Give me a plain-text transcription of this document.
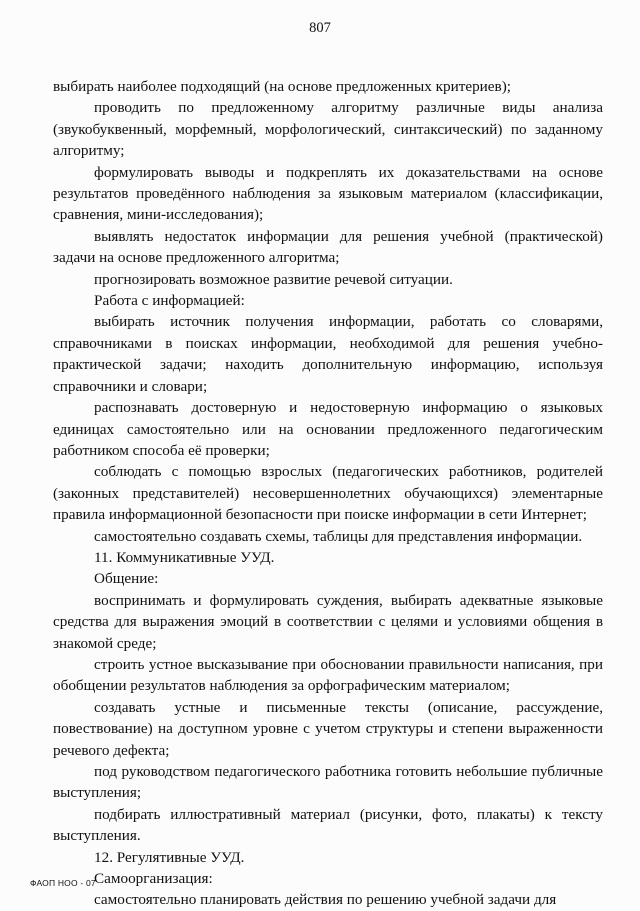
807

выбирать наиболее подходящий (на основе предложенных критериев);

проводить по предложенному алгоритму различные виды анализа (звукобуквенный, морфемный, морфологический, синтаксический) по заданному алгоритму;

формулировать выводы и подкреплять их доказательствами на основе результатов проведённого наблюдения за языковым материалом (классификации, сравнения, мини-исследования);

выявлять недостаток информации для решения учебной (практической) задачи на основе предложенного алгоритма;

прогнозировать возможное развитие речевой ситуации.

Работа с информацией:

выбирать источник получения информации, работать со словарями, справочниками в поисках информации, необходимой для решения учебно-практической задачи; находить дополнительную информацию, используя справочники и словари;

распознавать достоверную и недостоверную информацию о языковых единицах самостоятельно или на основании предложенного педагогическим работником способа её проверки;

соблюдать с помощью взрослых (педагогических работников, родителей (законных представителей) несовершеннолетних обучающихся) элементарные правила информационной безопасности при поиске информации в сети Интернет;

самостоятельно создавать схемы, таблицы для представления информации.

11. Коммуникативные УУД.

Общение:

воспринимать и формулировать суждения, выбирать адекватные языковые средства для выражения эмоций в соответствии с целями и условиями общения в знакомой среде;

строить устное высказывание при обосновании правильности написания, при обобщении результатов наблюдения за орфографическим материалом;

создавать устные и письменные тексты (описание, рассуждение, повествование) на доступном уровне с учетом структуры и степени выраженности речевого дефекта;

под руководством педагогического работника готовить небольшие публичные выступления;

подбирать иллюстративный материал (рисунки, фото, плакаты) к тексту выступления.

12. Регулятивные УУД.

Самоорганизация:

самостоятельно планировать действия по решению учебной задачи для

ФАОП НОО - 07
